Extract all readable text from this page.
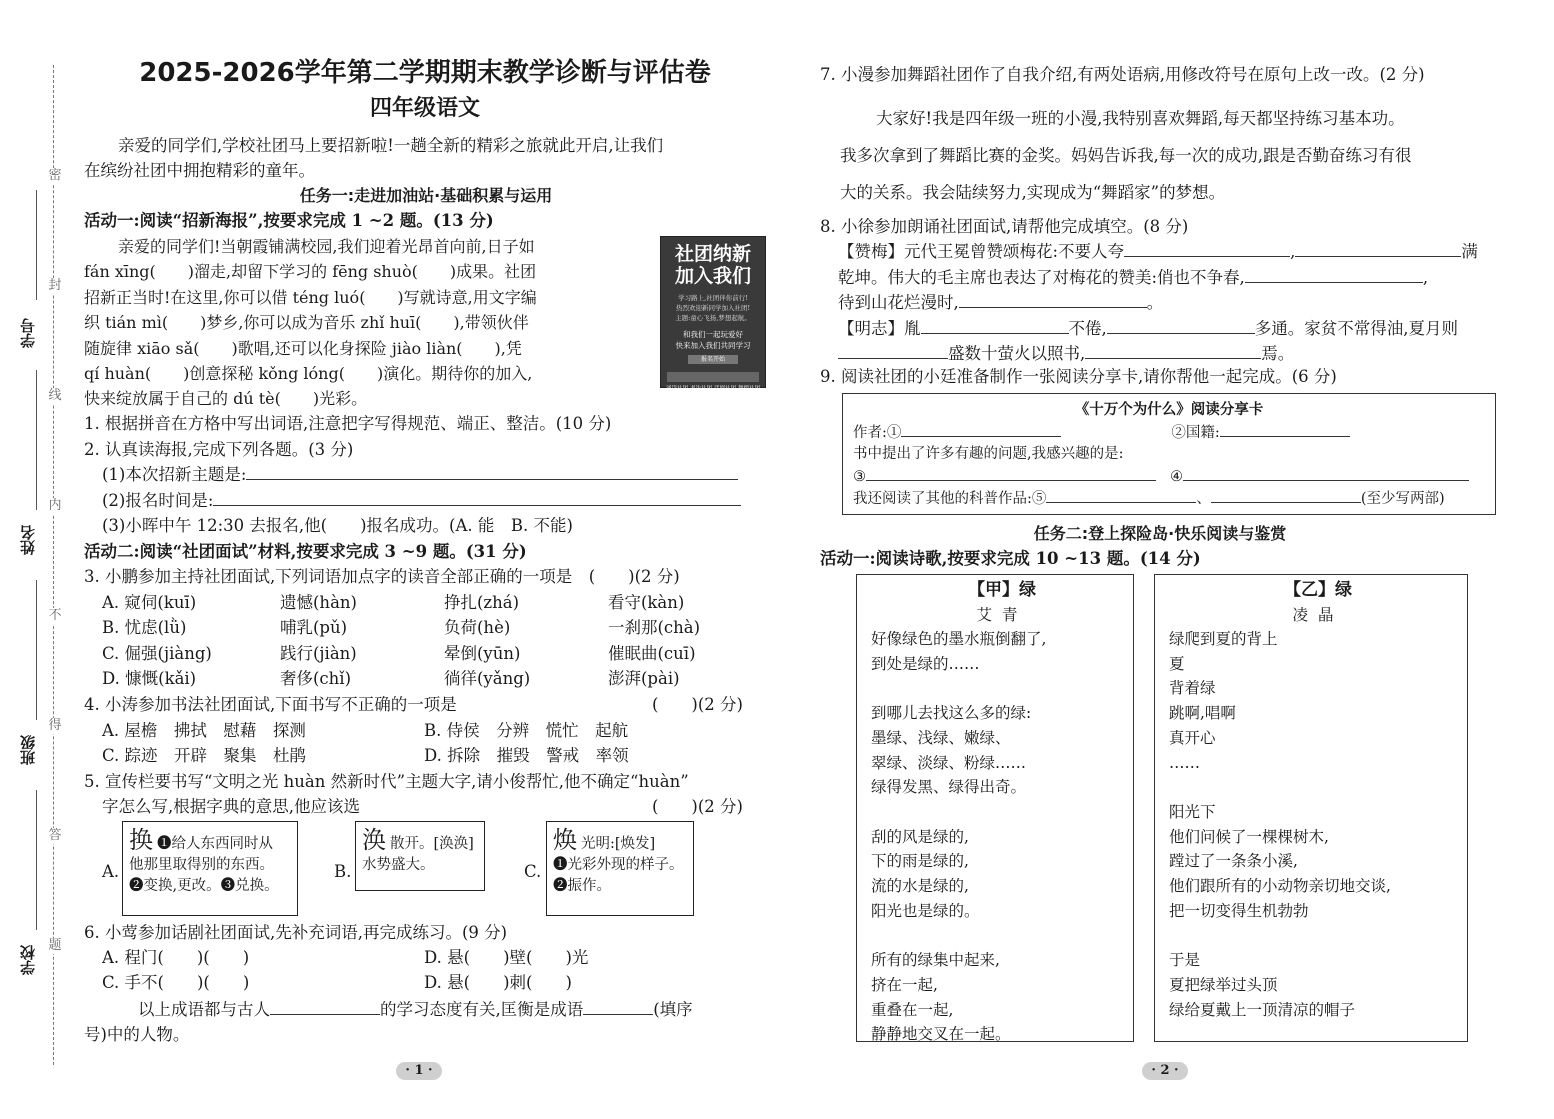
密
封
线
内
不
得
答
题
学号
姓名
班级
学校
2025-2026学年第二学期期末教学诊断与评估卷
四年级语文
亲爱的同学们,学校社团马上要招新啦!一趟全新的精彩之旅就此开启,让我们
在缤纷社团中拥抱精彩的童年。
任务一:走进加油站·基础积累与运用
活动一:阅读“招新海报”,按要求完成 1 ~2 题。(13 分)
亲爱的同学们!当朝霞铺满校园,我们迎着光昂首向前,日子如
fán xīng(　　)溜走,却留下学习的 fēng shuò(　　)成果。社团
招新正当时!在这里,你可以借 téng luó(　　)写就诗意,用文字编
织 tián mì(　　)梦乡,你可以成为音乐 zhǐ huī(　　),带领伙伴
随旋律 xiāo sǎ(　　)歌唱,还可以化身探险 jiào liàn(　　),凭
qí huàn(　　)创意探秘 kǒng lóng(　　)演化。期待你的加入,
快来绽放属于自己的 dú tè(　　)光彩。
社团纳新
加入我们
学习路上,社团伴你前行!
热烈欢迎新同学加入社团!
主题:童心飞扬,梦想起航。
和我们一起玩爱好
快来加入我们共同学习
报名开始
诵读社团 书法社团 话剧社团 舞蹈社团
1. 根据拼音在方格中写出词语,注意把字写得规范、端正、整洁。(10 分)
2. 认真读海报,完成下列各题。(3 分)
(1)本次招新主题是:
(2)报名时间是:
(3)小晖中午 12:30 去报名,他(　　)报名成功。(A. 能　B. 不能)
活动二:阅读“社团面试”材料,按要求完成 3 ~9 题。(31 分)
3. 小鹏参加主持社团面试,下列词语加点字的读音全部正确的一项是　(　　)(2 分)
A. 窥伺(kuī)	遗憾(hàn)	挣扎(zhá)	看守(kàn)
B. 忧虑(lǜ)	哺乳(pǔ)	负荷(hè)	一刹那(chà)
C. 倔强(jiàng)	践行(jiàn)	晕倒(yūn)	催眠曲(cuī)
D. 慷慨(kǎi)	奢侈(chǐ)	徜徉(yǎng)	澎湃(pài)
4. 小涛参加书法社团面试,下面书写不正确的一项是	(　　)(2 分)
A. 屋檐　拂拭　慰藉　探测	B. 侍侯　分辨　慌忙　起航
C. 踪迹　开辟　聚集　杜鹃	D. 拆除　摧毁　警戒　率领
5. 宣传栏要书写“文明之光 huàn 然新时代”主题大字,请小俊帮忙,他不确定“huàn”
字怎么写,根据字典的意思,他应该选	(　　)(2 分)
A.
换 ❶给人东西同时从
他那里取得别的东西。
❷变换,更改。❸兑换。
B.
涣散开。[涣涣]
水势盛大。	C.
焕光明:[焕发]
❶光彩外现的样子。
❷振作。
6. 小莺参加话剧社团面试,先补充词语,再完成练习。(9 分)
A. 程门(　　)(　　)	D. 悬(　　)壁(　　)光
C. 手不(　　)(　　)	D. 悬(　　)刺(　　)
以上成语都与古人	的学习态度有关,匡衡是成语	(填序
号)中的人物。
· 1 ·
7. 小漫参加舞蹈社团作了自我介绍,有两处语病,用修改符号在原句上改一改。(2 分)
大家好!我是四年级一班的小漫,我特别喜欢舞蹈,每天都坚持练习基本功。
我多次拿到了舞蹈比赛的金奖。妈妈告诉我,每一次的成功,跟是否勤奋练习有很
大的关系。我会陆续努力,实现成为“舞蹈家”的梦想。
8. 小徐参加朗诵社团面试,请帮他完成填空。(8 分)
【赞梅】元代王冕曾赞颂梅花:不要人夸	,	满
乾坤。伟大的毛主席也表达了对梅花的赞美:俏也不争春,	,
待到山花烂漫时,	。
【明志】胤	不倦,	多通。家贫不常得油,夏月则
盛数十萤火以照书,	焉。
9. 阅读社团的小廷准备制作一张阅读分享卡,请你帮他一起完成。(6 分)
《十万个为什么》阅读分享卡
作者:①	②国籍:
书中提出了许多有趣的问题,我感兴趣的是:
③	④
我还阅读了其他的科普作品:⑤	、	(至少写两部)
任务二:登上探险岛·快乐阅读与鉴赏
活动一:阅读诗歌,按要求完成 10 ~13 题。(14 分)
【甲】绿
艾青
好像绿色的墨水瓶倒翻了,
到处是绿的……

到哪儿去找这么多的绿:
墨绿、浅绿、嫩绿、
翠绿、淡绿、粉绿……
绿得发黑、绿得出奇。

刮的风是绿的,
下的雨是绿的,
流的水是绿的,
阳光也是绿的。

所有的绿集中起来,
挤在一起,
重叠在一起,
静静地交叉在一起。
【乙】绿
凌晶
绿爬到夏的背上
夏
背着绿
跳啊,唱啊
真开心
……

阳光下
他们问候了一棵棵树木,
蹚过了一条条小溪,
他们跟所有的小动物亲切地交谈,
把一切变得生机勃勃

于是
夏把绿举过头顶
绿给夏戴上一顶清凉的帽子
· 2 ·
